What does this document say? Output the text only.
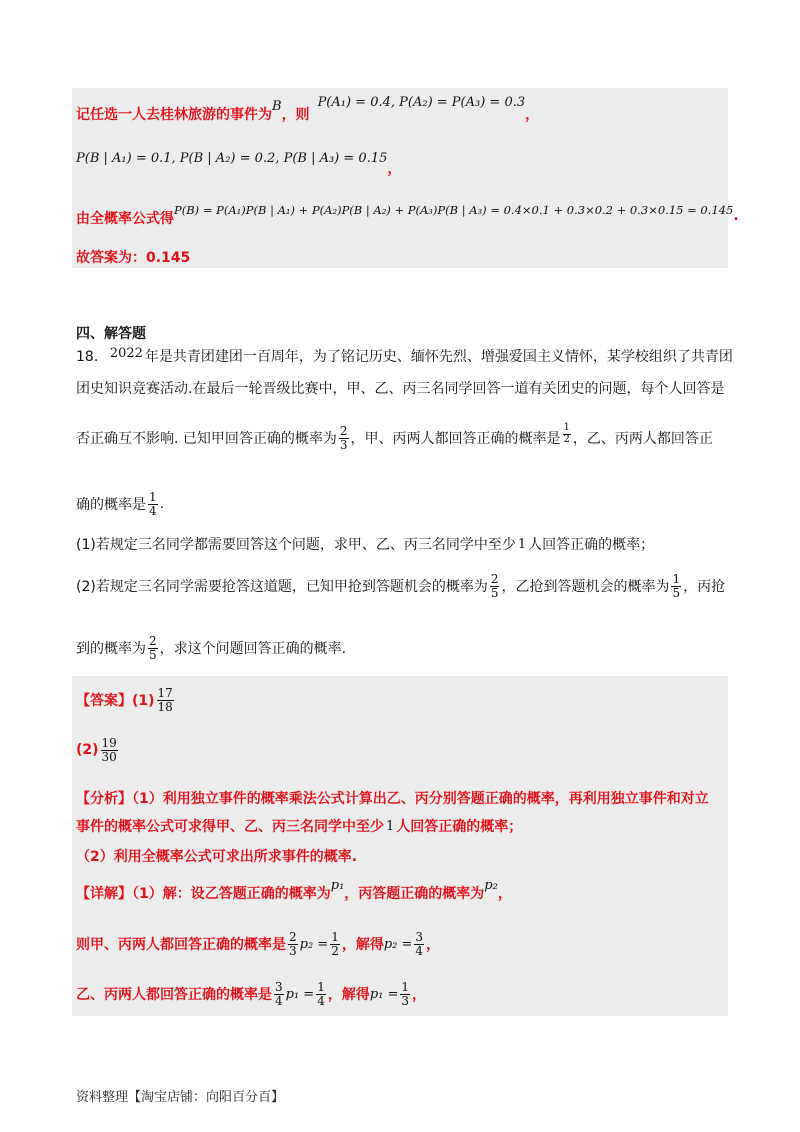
记任选一人去桂林旅游的事件为
B
，则
P(A₁) = 0.4, P(A₂) = P(A₃) = 0.3
，
P(B | A₁) = 0.1, P(B | A₂) = 0.2, P(B | A₃) = 0.15
，
由全概率公式得
P(B) = P(A₁)P(B | A₁) + P(A₂)P(B | A₂) + P(A₃)P(B | A₃) = 0.4×0.1 + 0.3×0.2 + 0.3×0.15 = 0.145 .
故答案为：0.145
四、解答题
18． 2022 年是共青团建团一百周年，为了铭记历史、缅怀先烈、增强爱国主义情怀，某学校组织了共青团
团史知识竞赛活动.在最后一轮晋级比赛中，甲、乙、丙三名同学回答一道有关团史的问题，每个人回答是
否正确互不影响. 已知甲回答正确的概率为 $\frac{2}{3}$ ，甲、丙两人都回答正确的概率是 $\frac{1}{2}$ ，乙、丙两人都回答正
确的概率是 $\frac{1}{4}$ .
(1)若规定三名同学都需要回答这个问题，求甲、乙、丙三名同学中至少 1 人回答正确的概率；
(2)若规定三名同学需要抢答这道题，已知甲抢到答题机会的概率为 $\frac{2}{5}$ ，乙抢到答题机会的概率为 $\frac{1}{5}$ ，丙抢
到的概率为 $\frac{2}{5}$ ，求这个问题回答正确的概率.
【答案】$(1) \frac{17}{18}$
$(2) \frac{19}{30}$
【分析】（1）利用独立事件的概率乘法公式计算出乙、丙分别答题正确的概率，再利用独立事件和对立
事件的概率公式可求得甲、乙、丙三名同学中至少 1 人回答正确的概率；
（2）利用全概率公式可求出所求事件的概率.
【详解】（1）解：设乙答题正确的概率为
p₁
，丙答题正确的概率为
p₂
，
则甲、丙两人都回答正确的概率是 $\frac{2}{3} p_2 = \frac{1}{2}$ ，解得 $p_2 = \frac{3}{4}$ ，
乙、丙两人都回答正确的概率是 $\frac{3}{4} p_1 = \frac{1}{4}$ ，解得 $p_1 = \frac{1}{3}$ ，
资料整理【淘宝店铺：向阳百分百】
